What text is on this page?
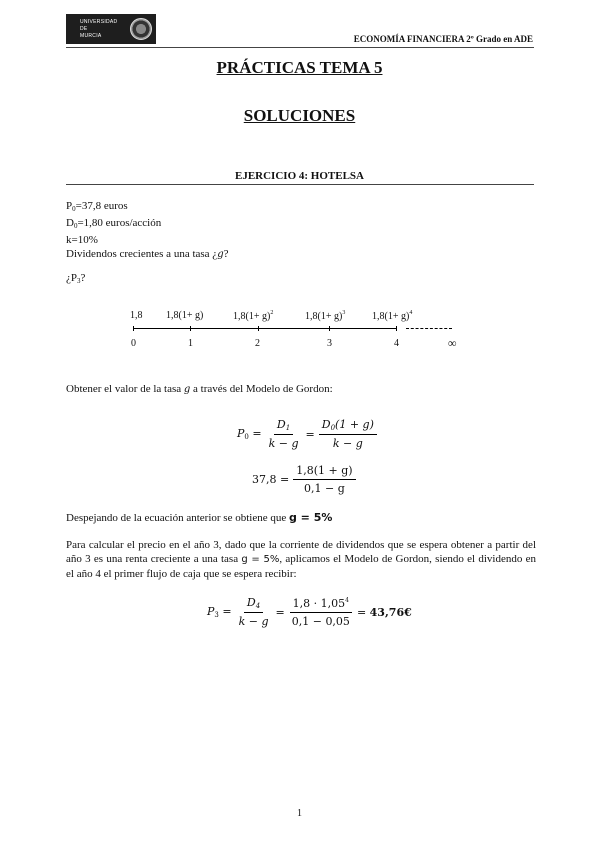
UNIVERSIDAD DE
MURCIA	ECONOMÍA FINANCIERA 2º Grado en ADE
PRÁCTICAS TEMA 5
SOLUCIONES
EJERCICIO 4: HOTELSA
$P_0=37,8$ euros
$D_0=1,80$ euros/acción
k=10%
Dividendos crecientes a una tasa ¿g?
¿$P_3$?
1,8 1,8(1+ g)	$1,8(1+ g)^2$	$1,8(1+ g)^3$	$1,8(1+ g)^4$
0	1	2	3	4	∞
Obtener el valor de la tasa g a través del Modelo de Gordon:
$P_0 = \frac{D_1}{k - g} = \frac{D_0(1 + g)}{k - g}$
$37,8 = \frac{1,8(1 + g)}{0,1 - g}$
Despejando de la ecuación anterior se obtiene que g = 5%
Para calcular el precio en el año 3, dado que la corriente de dividendos que se espera obtener a partir del año 3 es una renta creciente a una tasa g = 5%, aplicamos el Modelo de Gordon, siendo el dividendo en el año 4 el primer flujo de caja que se espera recibir:
$P_3 = \frac{D_4}{k - g} = \frac{1,8 \cdot 1,05^4}{0,1 - 0,05}$ = 43,76€
1
